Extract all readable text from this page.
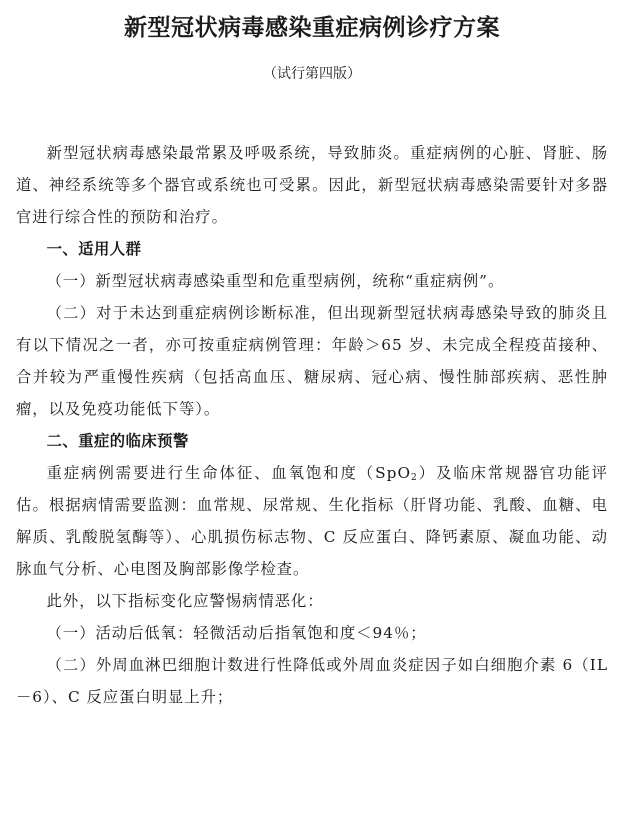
新型冠状病毒感染重症病例诊疗方案
（试行第四版）

新型冠状病毒感染最常累及呼吸系统，导致肺炎。重症病例的心脏、肾脏、肠道、神经系统等多个器官或系统也可受累。因此，新型冠状病毒感染需要针对多器官进行综合性的预防和治疗。

一、适用人群

（一）新型冠状病毒感染重型和危重型病例，统称“重症病例”。

（二）对于未达到重症病例诊断标准，但出现新型冠状病毒感染导致的肺炎且有以下情况之一者，亦可按重症病例管理：年龄＞65 岁、未完成全程疫苗接种、合并较为严重慢性疾病（包括高血压、糖尿病、冠心病、慢性肺部疾病、恶性肿瘤，以及免疫功能低下等）。

二、重症的临床预警

重症病例需要进行生命体征、血氧饱和度（SpO$_2$）及临床常规器官功能评估。根据病情需要监测：血常规、尿常规、生化指标（肝肾功能、乳酸、血糖、电解质、乳酸脱氢酶等）、心肌损伤标志物、C 反应蛋白、降钙素原、凝血功能、动脉血气分析、心电图及胸部影像学检查。

此外，以下指标变化应警惕病情恶化：

（一）活动后低氧：轻微活动后指氧饱和度＜94％；

（二）外周血淋巴细胞计数进行性降低或外周血炎症因子如白细胞介素 6（IL－6）、C 反应蛋白明显上升；
